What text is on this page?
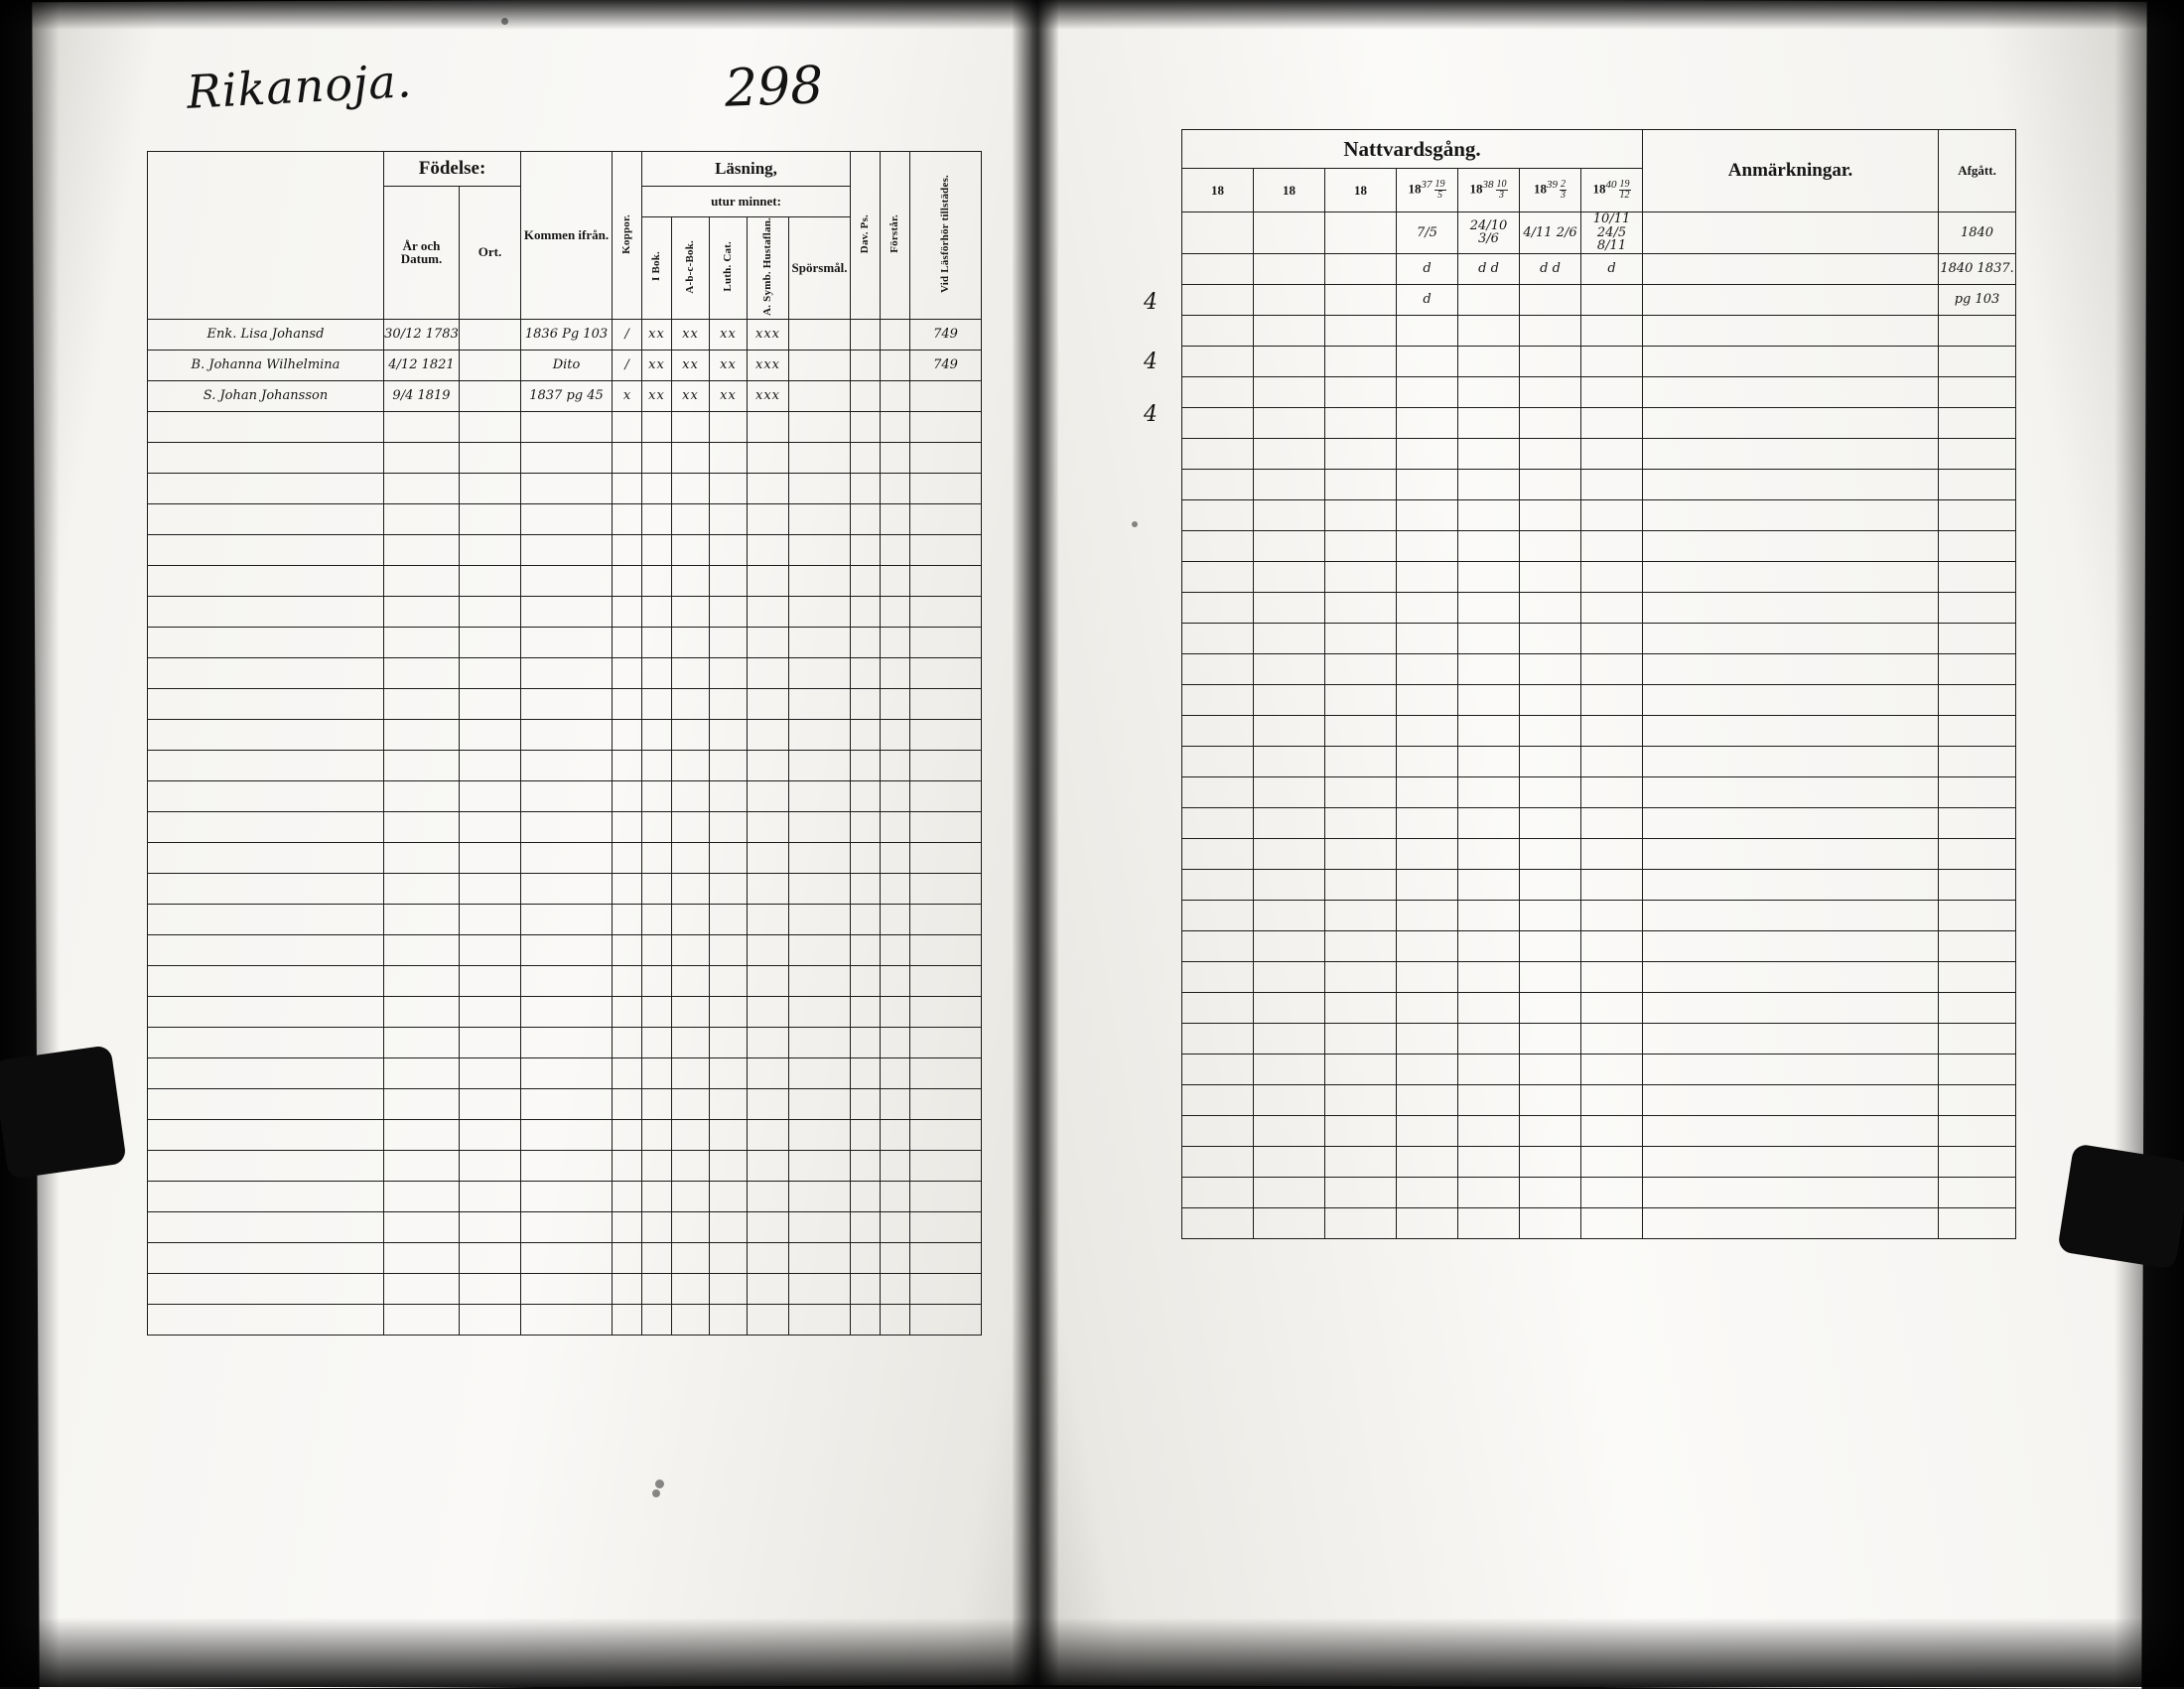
Rikanoja.	298
	Födelse:		Kommen ifrån.	Koppor.	Läsning,					Dav. Ps.	Förstår.	Vid Läsförhör tillstädes.
	År och Datum.	Ort.			utur minnet:							
					I Bok.	A-b-c-Bok.	Luth. Cat.	A. Symb. Hustaflan.	Spörsmål.			
Enk. Lisa Johansd	30/12 1783		1836 Pg 103	/	xx	xx	xx	xxx				749
B. Johanna Wilhelmina	4/12 1821		Dito	/	xx	xx	xx	xxx				749
S. Johan Johansson	9/4 1819		1837 pg 45	x	xx	xx	xx	xxx				

Nattvardsgång.							Anmärkningar.	Afgått.
18	18	18	$18^{37} \frac{19}{5}$	$18^{38} \frac{10}{3}$	$18^{39} \frac{2}{3}$	$18^{40} \frac{19}{12}$

			7/5	24/10 3/6	4/11 2/6	10/11 24/5 8/11		1840
			d	d d	d d	d		1840 1837.
			d					pg 103

4
4
4
